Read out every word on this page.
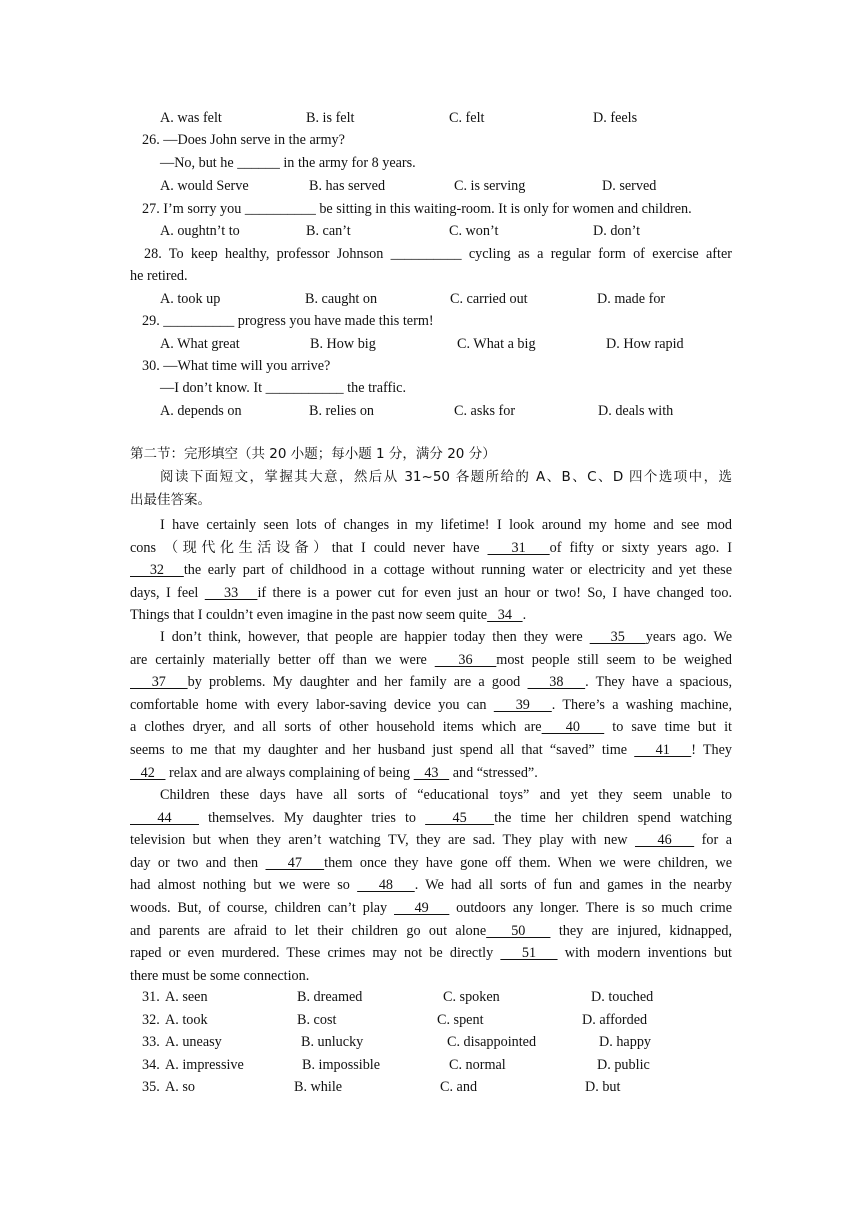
A. was felt	B. is felt	C. felt	D. feels
26. —Does John serve in the army?
—No, but he ______ in the army for 8 years.
A. would Serve	B. has served	C. is serving	D. served
27. I’m sorry you __________ be sitting in this waiting-room. It is only for women and children.
A. oughtn’t to	B. can’t	C. won’t	D. don’t
28. To keep healthy, professor Johnson __________ cycling as a regular form of exercise after
he retired.
A. took up	B. caught on	C. carried out	D. made for
29. __________ progress you have made this term!
A. What great	B. How big	C. What a big	D. How rapid
30. —What time will you arrive?
—I don’t know. It ___________ the traffic.
A. depends on	B. relies on	C. asks for	D. deals with
第二节：完形填空（共 20 小题；每小题 1 分，满分 20 分）
阅读下面短文，掌握其大意，然后从 31~50 各题所给的 A、B、C、D 四个选项中，选
出最佳答案。
I have certainly seen lots of changes in my lifetime! I look around my home and see mod
cons （现代化生活设备）that I could never have    31   of fifty or sixty years ago. I
32   the early part of childhood in a cottage without running water or electricity and yet these
days, I feel    33   if there is a power cut for even just an hour or two! So, I have changed too.
Things that I couldn’t even imagine in the past now seem quite   34   .
I don’t think, however, that people are happier today then they were    35   years ago. We
are certainly materially better off than we were    36   most people still seem to be weighed
37   by problems. My daughter and her family are a good    38   . They have a spacious,
comfortable home with every labor-saving device you can    39   . There’s a washing machine,
a clothes dryer, and all sorts of other household items which are   40    to save time but it
seems to me that my daughter and her husband just spend all that “saved” time    41   ! They
42    relax and are always complaining of being    43    and “stressed”.
Children these days have all sorts of “educational toys” and yet they seem unable to
44    themselves. My daughter tries to    45   the time her children spend watching
television but when they aren’t watching TV, they are sad. They play with new    46    for a
day or two and then    47   them once they have gone off them. When we were children, we
had almost nothing but we were so    48   . We had all sorts of fun and games in the nearby
woods. But, of course, children can’t play    49    outdoors any longer. There is so much crime
and parents are afraid to let their children go out alone   50    they are injured, kidnapped,
raped or even murdered. These crimes may not be directly    51    with modern inventions but
there must be some connection.
31. A. seen	B. dreamed	C. spoken	D. touched
32. A. took	B. cost	C. spent	D. afforded
33. A. uneasy	B. unlucky	C. disappointed	D. happy
34. A. impressive	B. impossible	C. normal	D. public
35. A. so	B. while	C. and	D. but
